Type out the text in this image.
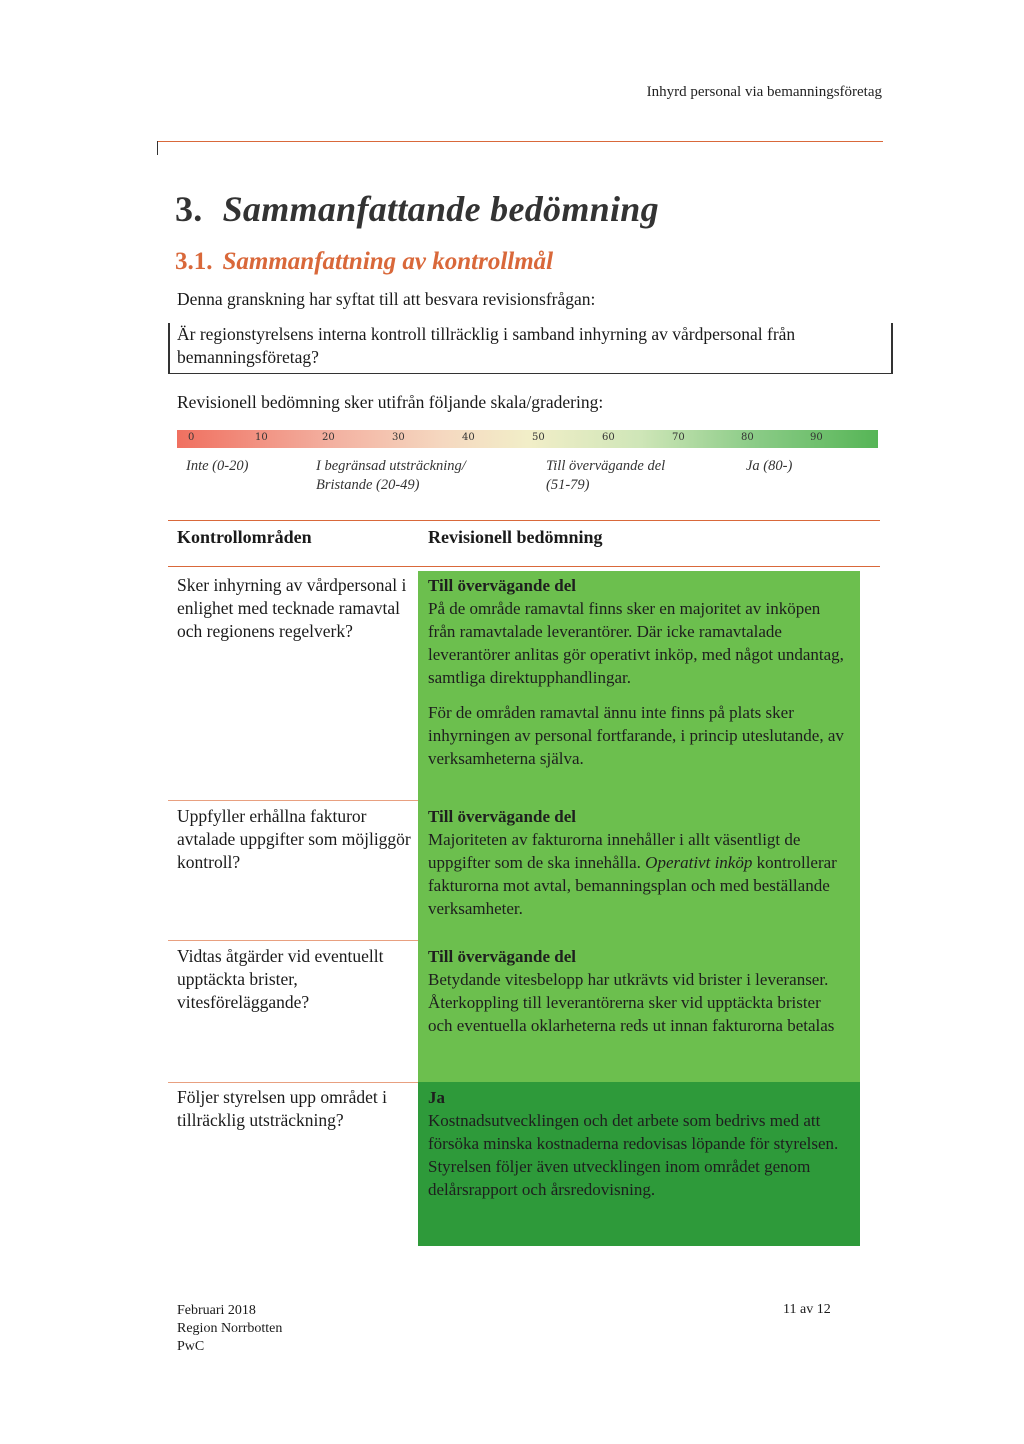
Inhyrd personal via bemanningsföretag
3. Sammanfattande bedömning
3.1. Sammanfattning av kontrollmål
Denna granskning har syftat till att besvara revisionsfrågan:
Är regionstyrelsens interna kontroll tillräcklig i samband inhyrning av vårdpersonal från bemanningsföretag?
Revisionell bedömning sker utifrån följande skala/gradering:
0	10	20	30	40	50	60	70	80	90
Inte (0-20)	I begränsad utsträckning/
Bristande (20-49)
Till övervägande del
(51-79)
Ja (80-)
Kontrollområden	Revisionell bedömning
Sker inhyrning av vårdpersonal i enlighet med tecknade ramavtal och regionens regelverk?
Till övervägande del

På de område ramavtal finns sker en majoritet av inköpen från ramavtalade leverantörer. Där icke ramavtalade leverantörer anlitas gör operativt inköp, med något undantag, samtliga direktupphandlingar.

För de områden ramavtal ännu inte finns på plats sker inhyrningen av personal fortfarande, i princip uteslutande, av verksamheterna själva.

Uppfyller erhållna fakturor avtalade uppgifter som möjliggör kontroll?
Till övervägande del

Majoriteten av fakturorna innehåller i allt väsentligt de uppgifter som de ska innehålla. Operativt inköp kontrollerar fakturorna mot avtal, bemanningsplan och med beställande verksamheter.

Vidtas åtgärder vid eventuellt upptäckta brister, vitesföreläggande?
Till övervägande del

Betydande vitesbelopp har utkrävts vid brister i leveranser. Återkoppling till leverantörerna sker vid upptäckta brister och eventuella oklarheterna reds ut innan fakturorna betalas

Följer styrelsen upp området i tillräcklig utsträckning?
Ja

Kostnadsutvecklingen och det arbete som bedrivs med att försöka minska kostnaderna redovisas löpande för styrelsen. Styrelsen följer även utvecklingen inom området genom delårsrapport och årsredovisning.

Februari 2018
Region Norrbotten
PwC
11 av 12
